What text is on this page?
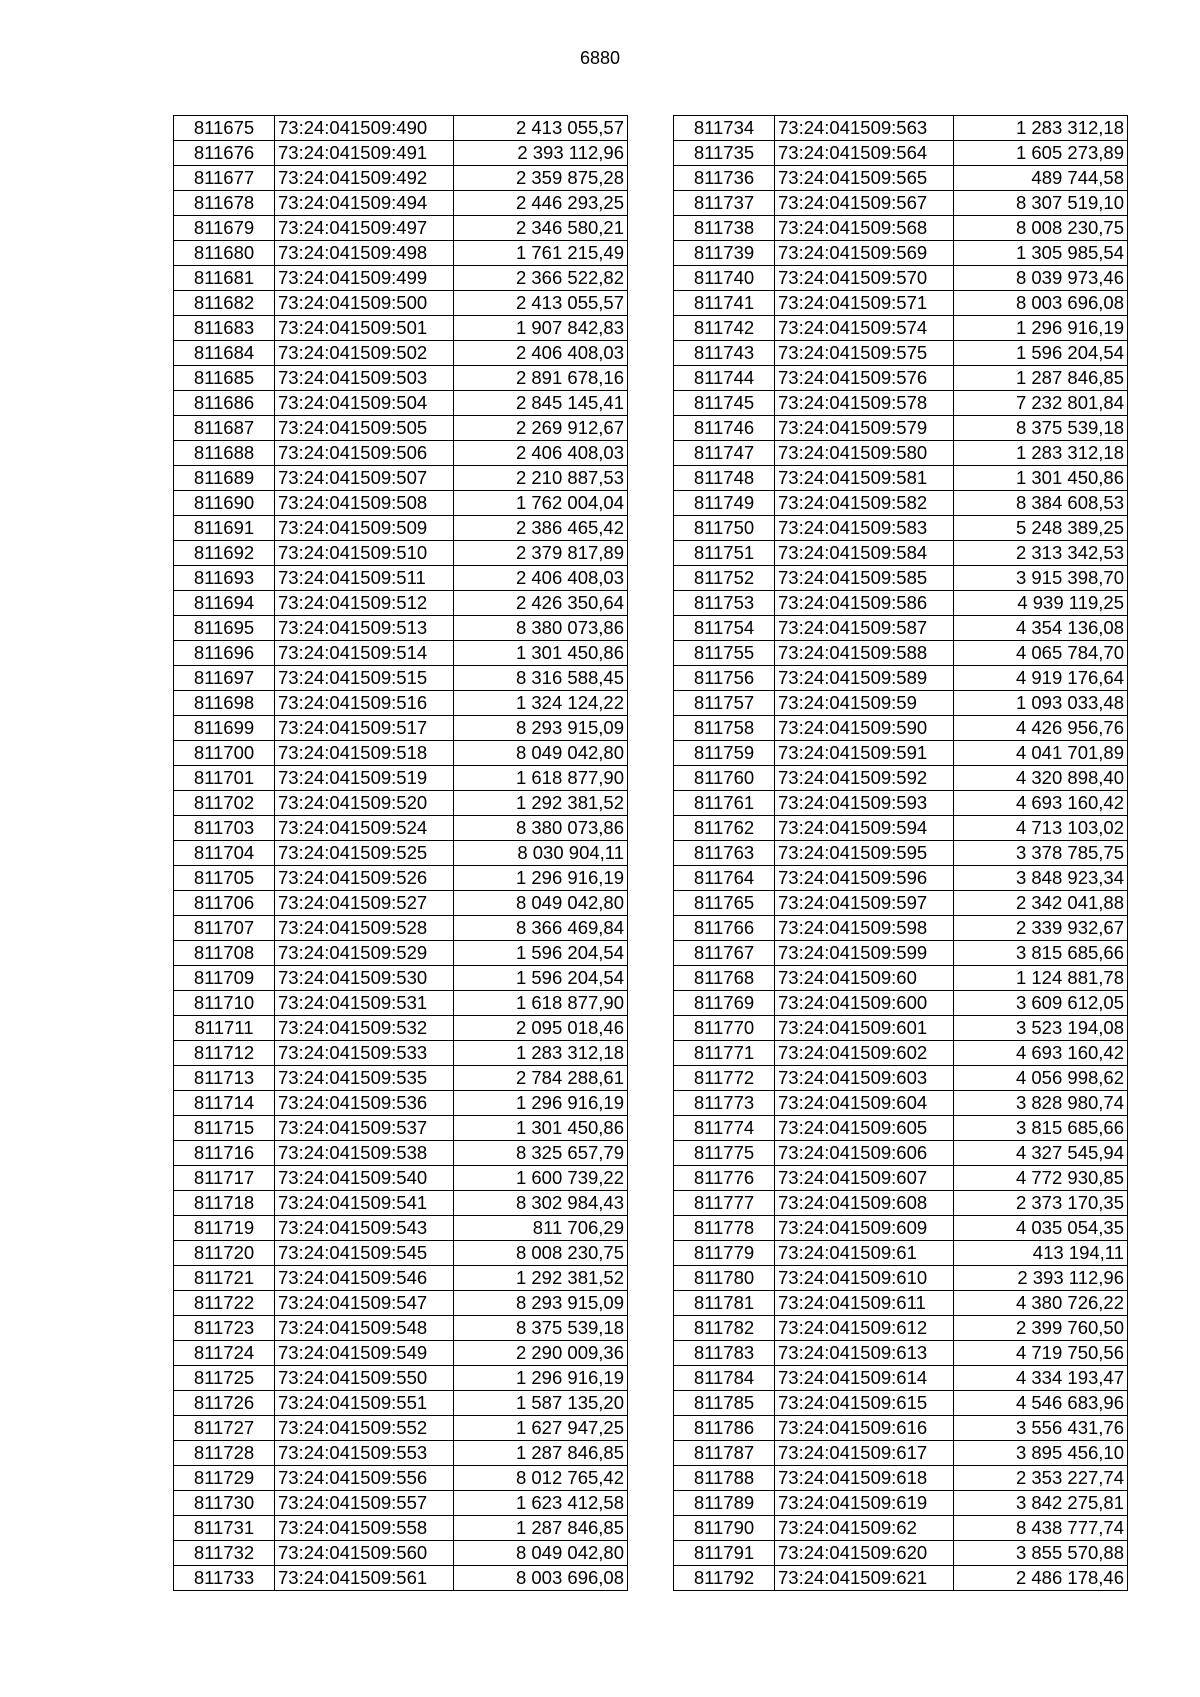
6880
811675	73:24:041509:490	2 413 055,57
811676	73:24:041509:491	2 393 112,96
811677	73:24:041509:492	2 359 875,28
811678	73:24:041509:494	2 446 293,25
811679	73:24:041509:497	2 346 580,21
811680	73:24:041509:498	1 761 215,49
811681	73:24:041509:499	2 366 522,82
811682	73:24:041509:500	2 413 055,57
811683	73:24:041509:501	1 907 842,83
811684	73:24:041509:502	2 406 408,03
811685	73:24:041509:503	2 891 678,16
811686	73:24:041509:504	2 845 145,41
811687	73:24:041509:505	2 269 912,67
811688	73:24:041509:506	2 406 408,03
811689	73:24:041509:507	2 210 887,53
811690	73:24:041509:508	1 762 004,04
811691	73:24:041509:509	2 386 465,42
811692	73:24:041509:510	2 379 817,89
811693	73:24:041509:511	2 406 408,03
811694	73:24:041509:512	2 426 350,64
811695	73:24:041509:513	8 380 073,86
811696	73:24:041509:514	1 301 450,86
811697	73:24:041509:515	8 316 588,45
811698	73:24:041509:516	1 324 124,22
811699	73:24:041509:517	8 293 915,09
811700	73:24:041509:518	8 049 042,80
811701	73:24:041509:519	1 618 877,90
811702	73:24:041509:520	1 292 381,52
811703	73:24:041509:524	8 380 073,86
811704	73:24:041509:525	8 030 904,11
811705	73:24:041509:526	1 296 916,19
811706	73:24:041509:527	8 049 042,80
811707	73:24:041509:528	8 366 469,84
811708	73:24:041509:529	1 596 204,54
811709	73:24:041509:530	1 596 204,54
811710	73:24:041509:531	1 618 877,90
811711	73:24:041509:532	2 095 018,46
811712	73:24:041509:533	1 283 312,18
811713	73:24:041509:535	2 784 288,61
811714	73:24:041509:536	1 296 916,19
811715	73:24:041509:537	1 301 450,86
811716	73:24:041509:538	8 325 657,79
811717	73:24:041509:540	1 600 739,22
811718	73:24:041509:541	8 302 984,43
811719	73:24:041509:543	811 706,29
811720	73:24:041509:545	8 008 230,75
811721	73:24:041509:546	1 292 381,52
811722	73:24:041509:547	8 293 915,09
811723	73:24:041509:548	8 375 539,18
811724	73:24:041509:549	2 290 009,36
811725	73:24:041509:550	1 296 916,19
811726	73:24:041509:551	1 587 135,20
811727	73:24:041509:552	1 627 947,25
811728	73:24:041509:553	1 287 846,85
811729	73:24:041509:556	8 012 765,42
811730	73:24:041509:557	1 623 412,58
811731	73:24:041509:558	1 287 846,85
811732	73:24:041509:560	8 049 042,80
811733	73:24:041509:561	8 003 696,08
811734	73:24:041509:563	1 283 312,18
811735	73:24:041509:564	1 605 273,89
811736	73:24:041509:565	489 744,58
811737	73:24:041509:567	8 307 519,10
811738	73:24:041509:568	8 008 230,75
811739	73:24:041509:569	1 305 985,54
811740	73:24:041509:570	8 039 973,46
811741	73:24:041509:571	8 003 696,08
811742	73:24:041509:574	1 296 916,19
811743	73:24:041509:575	1 596 204,54
811744	73:24:041509:576	1 287 846,85
811745	73:24:041509:578	7 232 801,84
811746	73:24:041509:579	8 375 539,18
811747	73:24:041509:580	1 283 312,18
811748	73:24:041509:581	1 301 450,86
811749	73:24:041509:582	8 384 608,53
811750	73:24:041509:583	5 248 389,25
811751	73:24:041509:584	2 313 342,53
811752	73:24:041509:585	3 915 398,70
811753	73:24:041509:586	4 939 119,25
811754	73:24:041509:587	4 354 136,08
811755	73:24:041509:588	4 065 784,70
811756	73:24:041509:589	4 919 176,64
811757	73:24:041509:59	1 093 033,48
811758	73:24:041509:590	4 426 956,76
811759	73:24:041509:591	4 041 701,89
811760	73:24:041509:592	4 320 898,40
811761	73:24:041509:593	4 693 160,42
811762	73:24:041509:594	4 713 103,02
811763	73:24:041509:595	3 378 785,75
811764	73:24:041509:596	3 848 923,34
811765	73:24:041509:597	2 342 041,88
811766	73:24:041509:598	2 339 932,67
811767	73:24:041509:599	3 815 685,66
811768	73:24:041509:60	1 124 881,78
811769	73:24:041509:600	3 609 612,05
811770	73:24:041509:601	3 523 194,08
811771	73:24:041509:602	4 693 160,42
811772	73:24:041509:603	4 056 998,62
811773	73:24:041509:604	3 828 980,74
811774	73:24:041509:605	3 815 685,66
811775	73:24:041509:606	4 327 545,94
811776	73:24:041509:607	4 772 930,85
811777	73:24:041509:608	2 373 170,35
811778	73:24:041509:609	4 035 054,35
811779	73:24:041509:61	413 194,11
811780	73:24:041509:610	2 393 112,96
811781	73:24:041509:611	4 380 726,22
811782	73:24:041509:612	2 399 760,50
811783	73:24:041509:613	4 719 750,56
811784	73:24:041509:614	4 334 193,47
811785	73:24:041509:615	4 546 683,96
811786	73:24:041509:616	3 556 431,76
811787	73:24:041509:617	3 895 456,10
811788	73:24:041509:618	2 353 227,74
811789	73:24:041509:619	3 842 275,81
811790	73:24:041509:62	8 438 777,74
811791	73:24:041509:620	3 855 570,88
811792	73:24:041509:621	2 486 178,46
